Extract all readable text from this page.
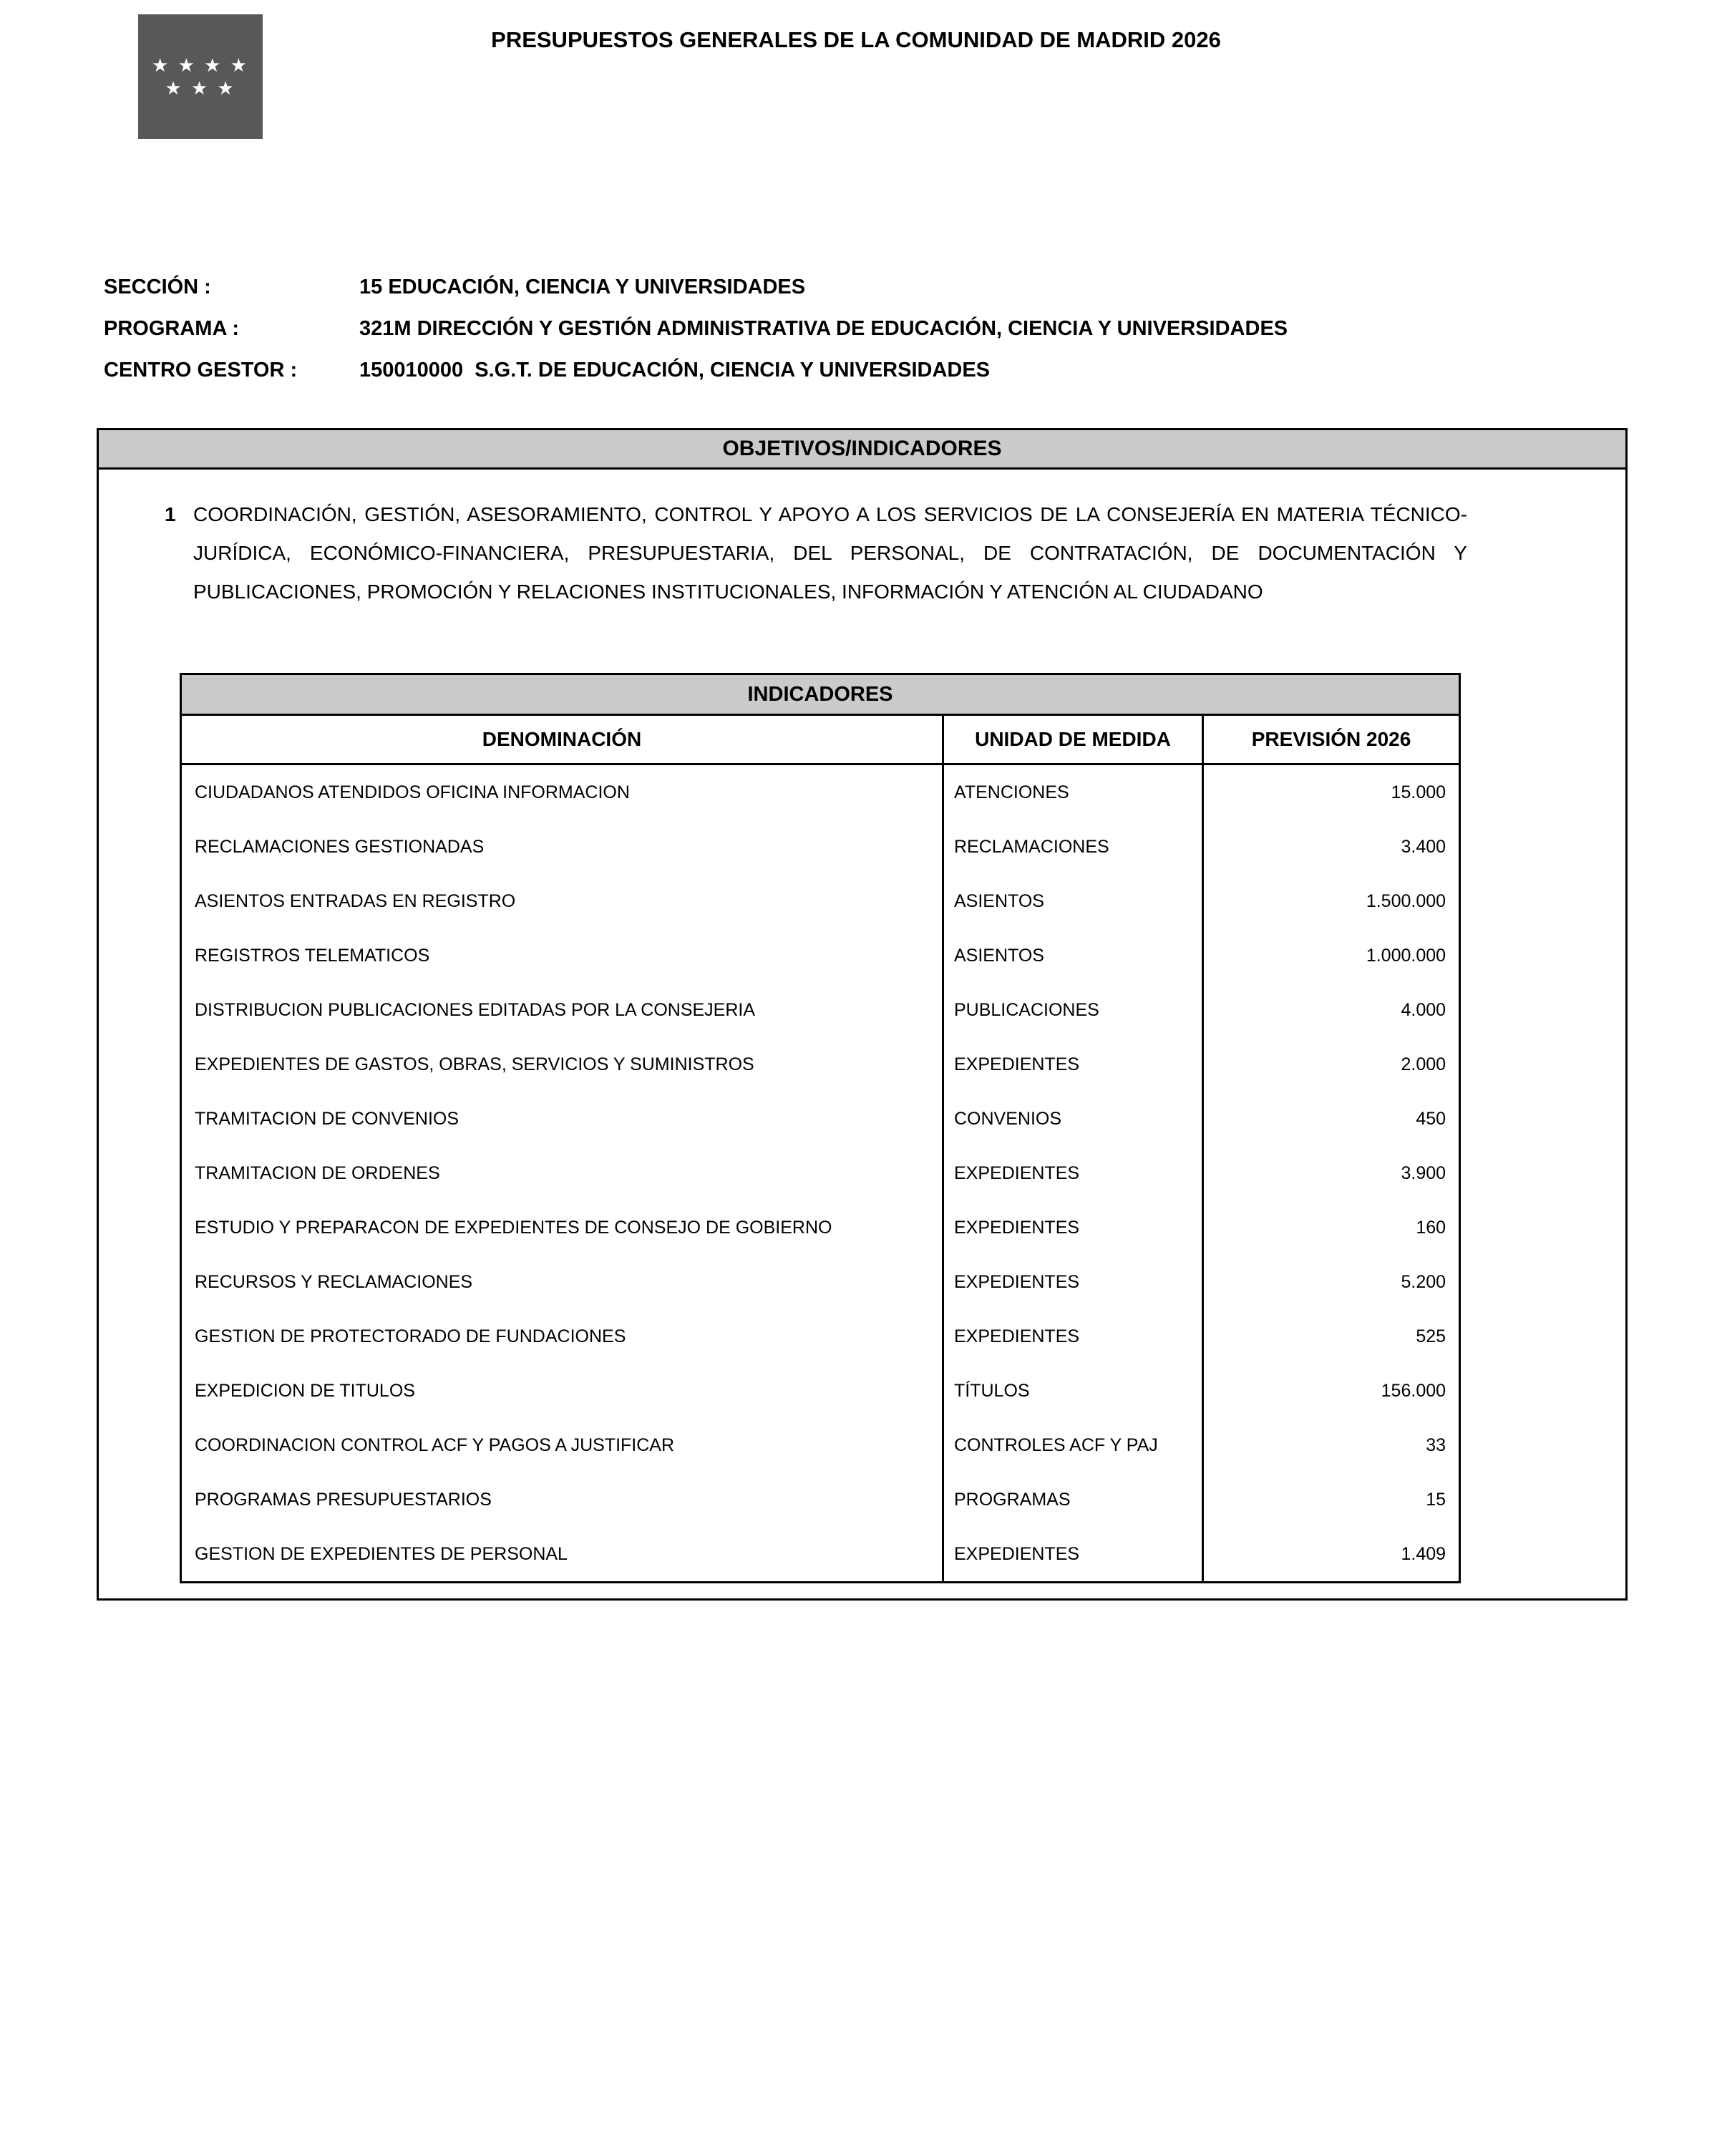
★ ★ ★ ★
★ ★ ★
PRESUPUESTOS GENERALES DE LA COMUNIDAD DE MADRID 2026
SECCIÓN :	15 EDUCACIÓN, CIENCIA Y UNIVERSIDADES
PROGRAMA :	321M DIRECCIÓN Y GESTIÓN ADMINISTRATIVA DE EDUCACIÓN, CIENCIA Y UNIVERSIDADES
CENTRO GESTOR :	150010000  S.G.T. DE EDUCACIÓN, CIENCIA Y UNIVERSIDADES
OBJETIVOS/INDICADORES
1 COORDINACIÓN, GESTIÓN, ASESORAMIENTO, CONTROL Y APOYO A LOS SERVICIOS DE LA CONSEJERÍA EN MATERIA TÉCNICO-JURÍDICA, ECONÓMICO-FINANCIERA, PRESUPUESTARIA, DEL PERSONAL, DE CONTRATACIÓN, DE DOCUMENTACIÓN Y PUBLICACIONES, PROMOCIÓN Y RELACIONES INSTITUCIONALES, INFORMACIÓN Y ATENCIÓN AL CIUDADANO

INDICADORES		
DENOMINACIÓN	UNIDAD DE MEDIDA	PREVISIÓN 2026
CIUDADANOS ATENDIDOS OFICINA INFORMACION	ATENCIONES	15.000
RECLAMACIONES GESTIONADAS	RECLAMACIONES	3.400
ASIENTOS ENTRADAS EN REGISTRO	ASIENTOS	1.500.000
REGISTROS TELEMATICOS	ASIENTOS	1.000.000
DISTRIBUCION PUBLICACIONES EDITADAS POR LA CONSEJERIA	PUBLICACIONES	4.000
EXPEDIENTES DE GASTOS, OBRAS, SERVICIOS Y SUMINISTROS	EXPEDIENTES	2.000
TRAMITACION DE CONVENIOS	CONVENIOS	450
TRAMITACION DE ORDENES	EXPEDIENTES	3.900
ESTUDIO Y PREPARACON DE EXPEDIENTES DE CONSEJO DE GOBIERNO	EXPEDIENTES	160
RECURSOS Y RECLAMACIONES	EXPEDIENTES	5.200
GESTION DE PROTECTORADO DE FUNDACIONES	EXPEDIENTES	525
EXPEDICION DE TITULOS	TÍTULOS	156.000
COORDINACION CONTROL ACF Y PAGOS A JUSTIFICAR	CONTROLES ACF Y PAJ	33
PROGRAMAS PRESUPUESTARIOS	PROGRAMAS	15
GESTION DE EXPEDIENTES DE PERSONAL	EXPEDIENTES	1.409
